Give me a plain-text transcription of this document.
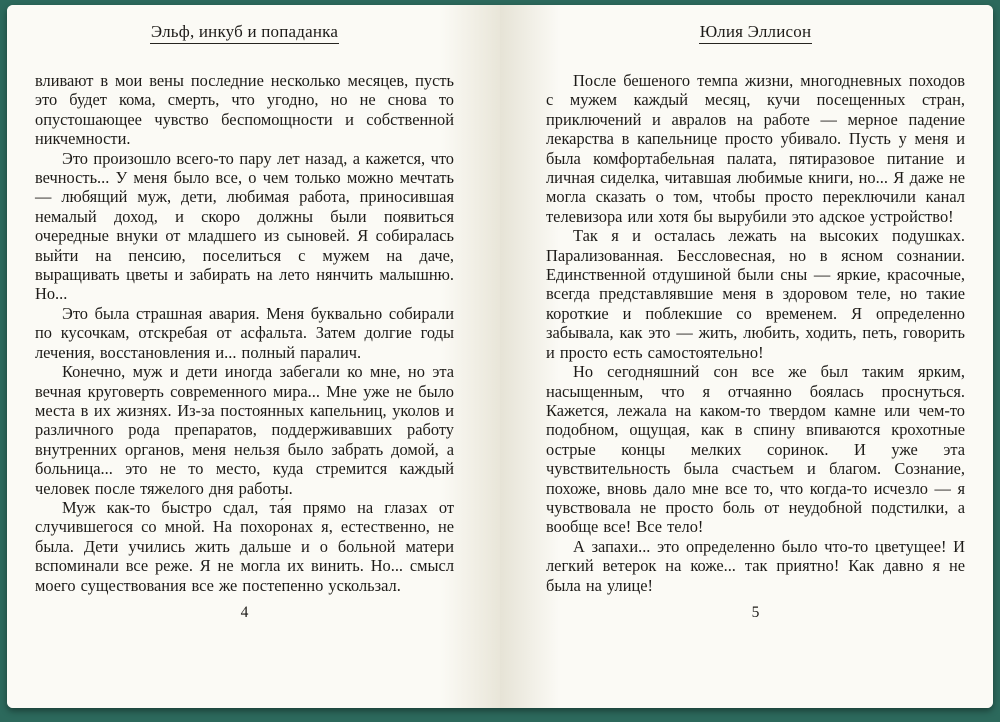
Эльф, инкуб и попаданка

вливают в мои вены последние несколько месяцев, пусть это будет кома, смерть, что угодно, но не снова то опустошающее чувство беспомощности и собственной никчемности.

Это произошло всего-то пару лет назад, а кажется, что вечность... У меня было все, о чем только можно мечтать — любящий муж, дети, любимая работа, приносившая немалый доход, и скоро должны были появиться очередные внуки от младшего из сыновей. Я собиралась выйти на пенсию, поселиться с мужем на даче, выращивать цветы и забирать на лето нянчить малышню. Но...

Это была страшная авария. Меня буквально собирали по кусочкам, отскребая от асфальта. Затем долгие годы лечения, восстановления и... полный паралич.

Конечно, муж и дети иногда забегали ко мне, но эта вечная круговерть современного мира... Мне уже не было места в их жизнях. Из-за постоянных капельниц, уколов и различного рода препаратов, поддерживавших работу внутренних органов, меня нельзя было забрать домой, а больница... это не то место, куда стремится каждый человек после тяжелого дня работы.

Муж как-то быстро сдал, та́я прямо на глазах от случившегося со мной. На похоронах я, естественно, не была. Дети учились жить дальше и о больной матери вспоминали все реже. Я не могла их винить. Но... смысл моего существования все же постепенно ускользал.

4
Юлия Эллисон

После бешеного темпа жизни, многодневных походов с мужем каждый месяц, кучи посещенных стран, приключений и авралов на работе — мерное падение лекарства в капельнице просто убивало. Пусть у меня и была комфортабельная палата, пятиразовое питание и личная сиделка, читавшая любимые книги, но... Я даже не могла сказать о том, чтобы просто переключили канал телевизора или хотя бы вырубили это адское устройство!

Так я и осталась лежать на высоких подушках. Парализованная. Бессловесная, но в ясном сознании. Единственной отдушиной были сны — яркие, красочные, всегда представлявшие меня в здоровом теле, но такие короткие и поблекшие со временем. Я определенно забывала, как это — жить, любить, ходить, петь, говорить и просто есть самостоятельно!

Но сегодняшний сон все же был таким ярким, насыщенным, что я отчаянно боялась проснуться. Кажется, лежала на каком-то твердом камне или чем-то подобном, ощущая, как в спину впиваются крохотные острые концы мелких соринок. И уже эта чувствительность была счастьем и благом. Сознание, похоже, вновь дало мне все то, что когда-то исчезло — я чувствовала не просто боль от неудобной подстилки, а вообще все! Все тело!

А запахи... это определенно было что-то цветущее! И легкий ветерок на коже... так приятно! Как давно я не была на улице!

5
